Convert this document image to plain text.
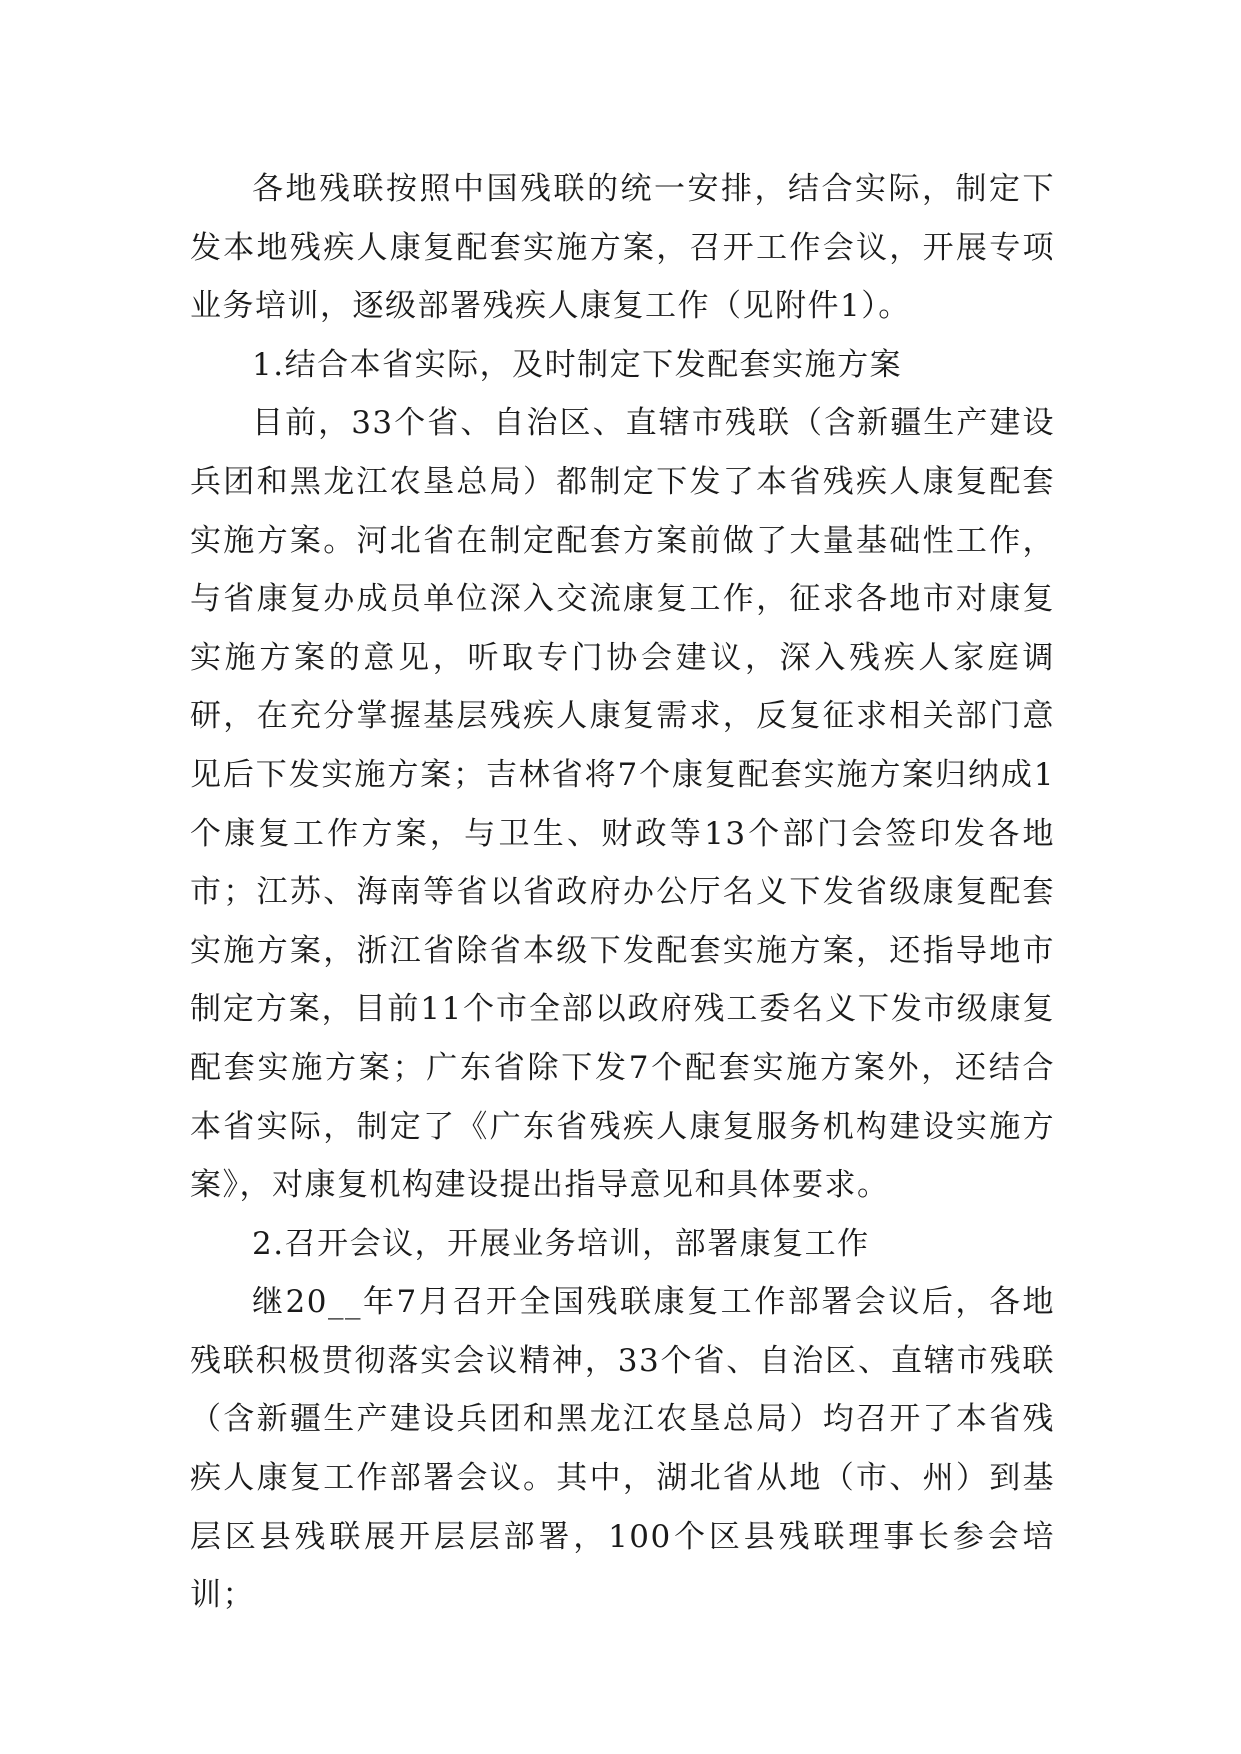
各地残联按照中国残联的统一安排，结合实际，制定下发本地残疾人康复配套实施方案，召开工作会议，开展专项业务培训，逐级部署残疾人康复工作（见附件1）。

1.结合本省实际，及时制定下发配套实施方案

目前，33个省、自治区、直辖市残联（含新疆生产建设兵团和黑龙江农垦总局）都制定下发了本省残疾人康复配套实施方案。河北省在制定配套方案前做了大量基础性工作，与省康复办成员单位深入交流康复工作，征求各地市对康复实施方案的意见，听取专门协会建议，深入残疾人家庭调研，在充分掌握基层残疾人康复需求，反复征求相关部门意见后下发实施方案；吉林省将7个康复配套实施方案归纳成1个康复工作方案，与卫生、财政等13个部门会签印发各地市；江苏、海南等省以省政府办公厅名义下发省级康复配套实施方案，浙江省除省本级下发配套实施方案，还指导地市制定方案，目前11个市全部以政府残工委名义下发市级康复配套实施方案；广东省除下发7个配套实施方案外，还结合本省实际，制定了《广东省残疾人康复服务机构建设实施方案》，对康复机构建设提出指导意见和具体要求。

2.召开会议，开展业务培训，部署康复工作

继20__年7月召开全国残联康复工作部署会议后，各地残联积极贯彻落实会议精神，33个省、自治区、直辖市残联（含新疆生产建设兵团和黑龙江农垦总局）均召开了本省残疾人康复工作部署会议。其中，湖北省从地（市、州）到基层区县残联展开层层部署，100个区县残联理事长参会培训；
